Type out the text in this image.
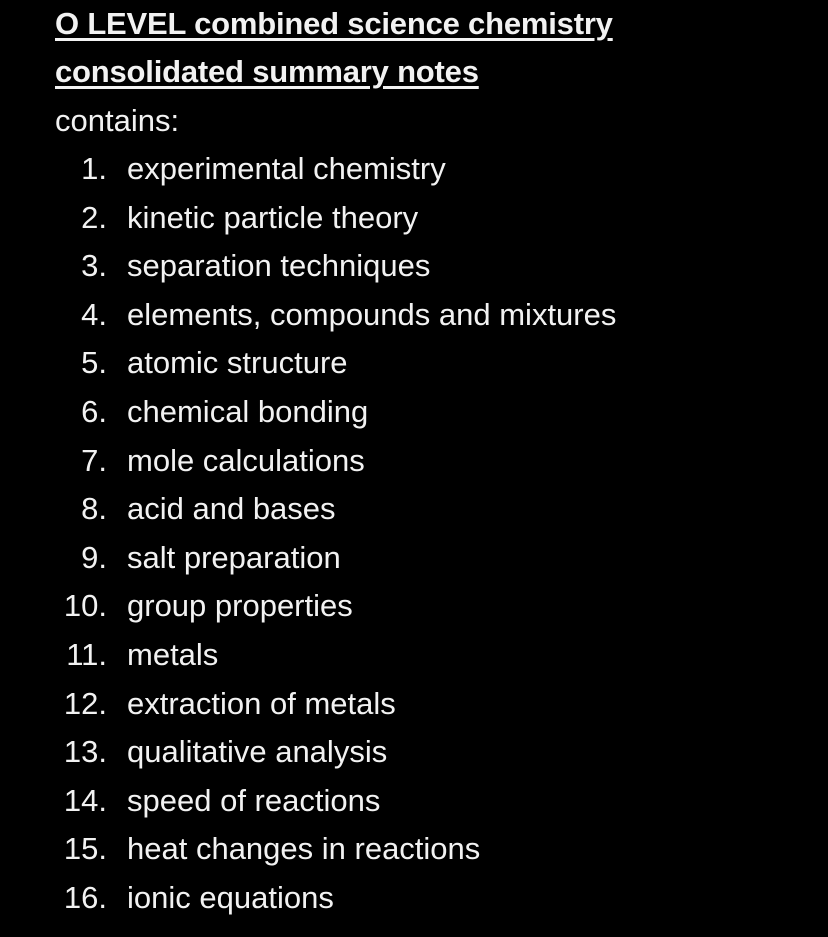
O LEVEL combined science chemistry
consolidated summary notes
contains:
1. experimental chemistry
2. kinetic particle theory
3. separation techniques
4. elements, compounds and mixtures
5. atomic structure
6. chemical bonding
7. mole calculations
8. acid and bases
9. salt preparation
10. group properties
11. metals
12. extraction of metals
13. qualitative analysis
14. speed of reactions
15. heat changes in reactions
16. ionic equations
